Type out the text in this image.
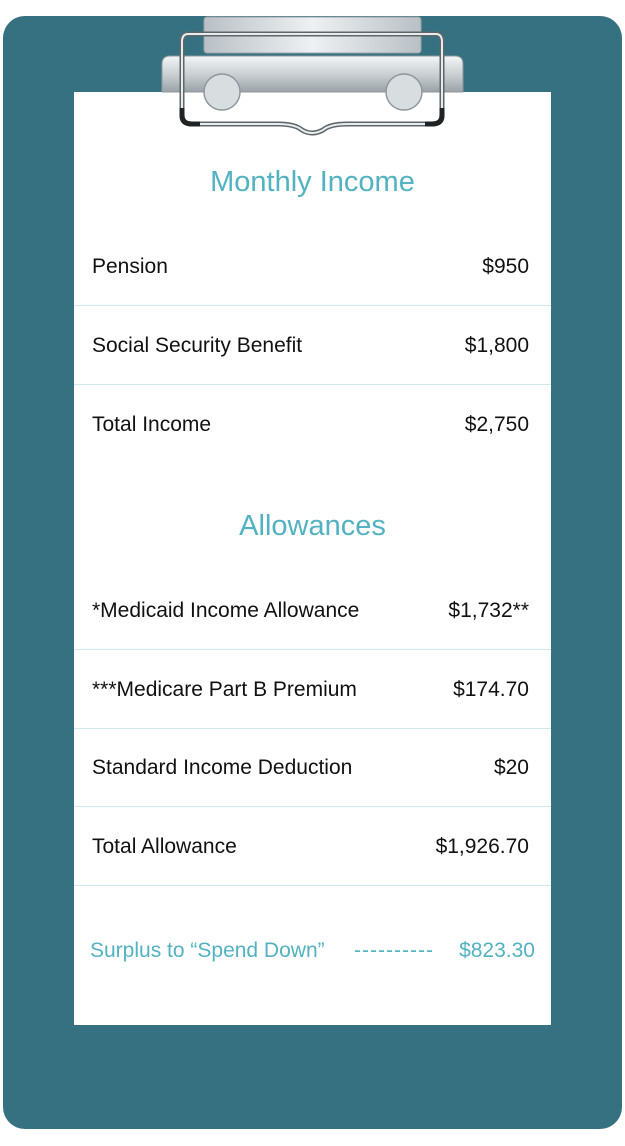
Monthly Income
Pension	$950
Social Security Benefit	$1,800
Total Income	$2,750
Allowances
*Medicaid Income Allowance	$1,732**
***Medicare Part B Premium	$174.70
Standard Income Deduction	$20
Total Allowance	$1,926.70
Surplus to “Spend Down” ---------- $823.30
